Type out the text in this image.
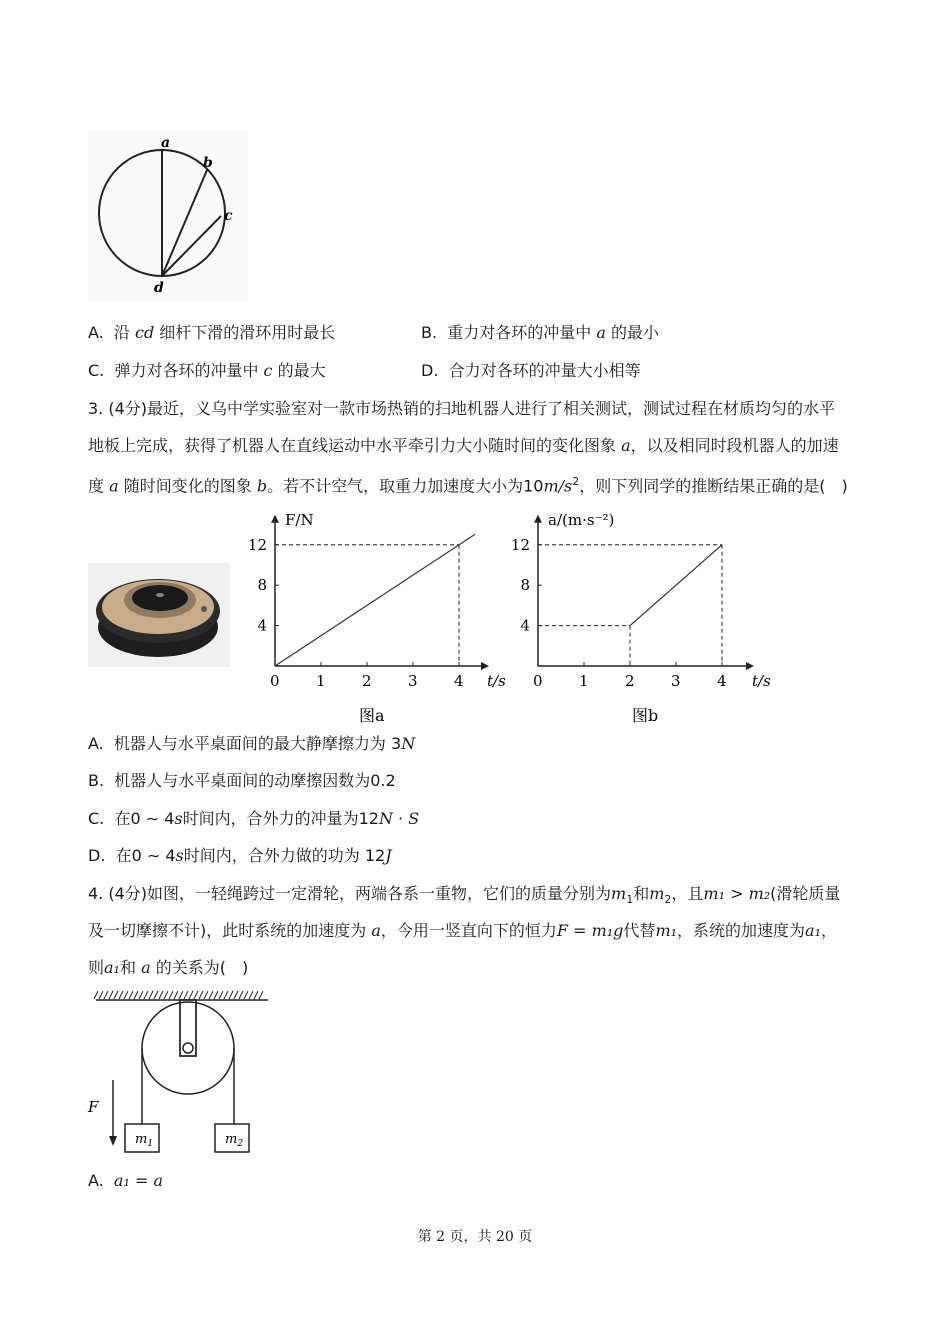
a
b
c
d
A. 沿 cd 细杆下滑的滑环用时最长	B. 重力对各环的冲量中 a 的最小
C. 弹力对各环的冲量中 c 的最大	D. 合力对各环的冲量大小相等
3. (4分)最近，义乌中学实验室对一款市场热销的扫地机器人进行了相关测试，测试过程在材质均匀的水平
地板上完成，获得了机器人在直线运动中水平牵引力大小随时间的变化图象 a，以及相同时段机器人的加速
度 a 随时间变化的图象 b。若不计空气，取重力加速度大小为$10m/s^2$，则下列同学的推断结果正确的是(　)
F/N
t/s
0 1 2 3 4
4
8
12
图a
a/(m·s⁻²)
t/s
0 1 2 3 4
4
8
12
图b
A. 机器人与水平桌面间的最大静摩擦力为 3N
B. 机器人与水平桌面间的动摩擦因数为0.2
C. 在0 ∼ 4s时间内，合外力的冲量为12N · S
D. 在0 ∼ 4s时间内，合外力做的功为 12J
4. (4分)如图，一轻绳跨过一定滑轮，两端各系一重物，它们的质量分别为$m_1$和$m_2$，且m₁ > m₂(滑轮质量
及一切摩擦不计)，此时系统的加速度为 a，今用一竖直向下的恒力F = m₁g代替m₁，系统的加速度为a₁，
则a₁和 a 的关系为(　)
$m_1$	$m_2$
F
A. a₁ = a
第 2 页，共 20 页
